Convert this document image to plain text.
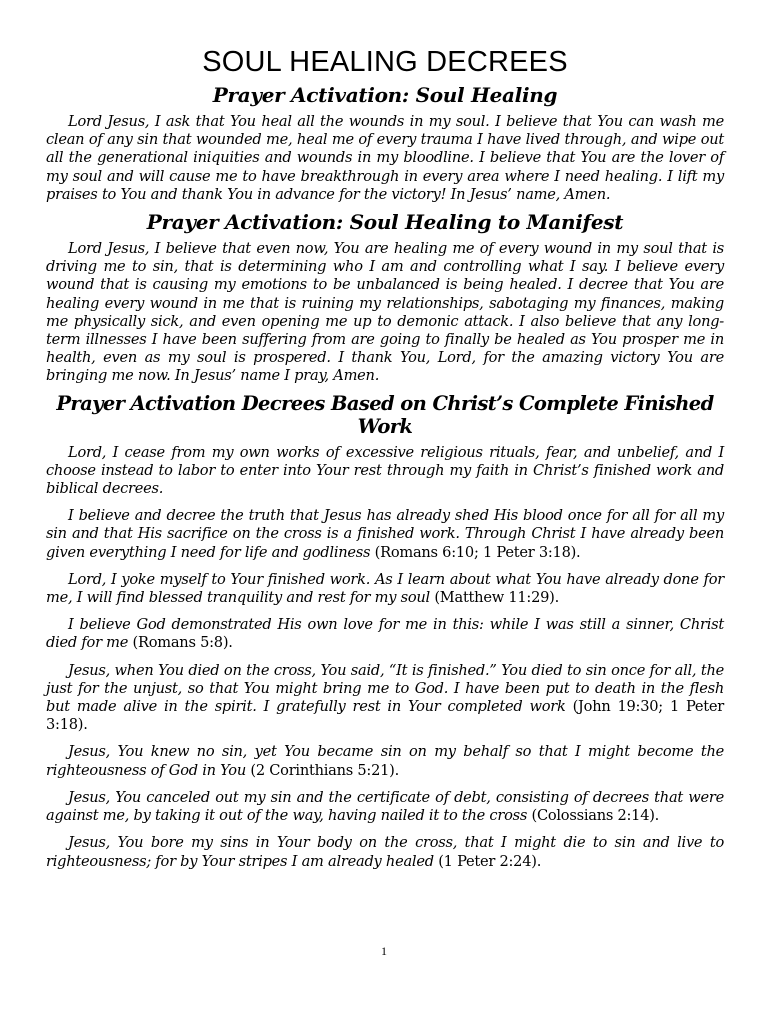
SOUL HEALING DECREES
Prayer Activation: Soul Healing

Lord Jesus, I ask that You heal all the wounds in my soul. I believe that You can wash me clean of any sin that wounded me, heal me of every trauma I have lived through, and wipe out all the generational iniquities and wounds in my bloodline. I believe that You are the lover of my soul and will cause me to have breakthrough in every area where I need healing. I lift my praises to You and thank You in advance for the victory! In Jesus’ name, Amen.

Prayer Activation: Soul Healing to Manifest

Lord Jesus, I believe that even now, You are healing me of every wound in my soul that is driving me to sin, that is determining who I am and controlling what I say. I believe every wound that is causing my emotions to be unbalanced is being healed. I decree that You are healing every wound in me that is ruining my relationships, sabotaging my finances, making me physically sick, and even opening me up to demonic attack. I also believe that any long-term illnesses I have been suffering from are going to finally be healed as You prosper me in health, even as my soul is prospered. I thank You, Lord, for the amazing victory You are bringing me now. In Jesus’ name I pray, Amen.

Prayer Activation Decrees Based on Christ’s Complete Finished Work

Lord, I cease from my own works of excessive religious rituals, fear, and unbelief, and I choose instead to labor to enter into Your rest through my faith in Christ’s finished work and biblical decrees.

I believe and decree the truth that Jesus has already shed His blood once for all for all my sin and that His sacrifice on the cross is a finished work. Through Christ I have already been given everything I need for life and godliness (Romans 6:10; 1 Peter 3:18).

Lord, I yoke myself to Your finished work. As I learn about what You have already done for me, I will find blessed tranquility and rest for my soul (Matthew 11:29).

I believe God demonstrated His own love for me in this: while I was still a sinner, Christ died for me (Romans 5:8).

Jesus, when You died on the cross, You said, “It is finished.” You died to sin once for all, the just for the unjust, so that You might bring me to God. I have been put to death in the flesh but made alive in the spirit. I gratefully rest in Your completed work (John 19:30; 1 Peter 3:18).

Jesus, You knew no sin, yet You became sin on my behalf so that I might become the righteousness of God in You (2 Corinthians 5:21).

Jesus, You canceled out my sin and the certificate of debt, consisting of decrees that were against me, by taking it out of the way, having nailed it to the cross (Colossians 2:14).

Jesus, You bore my sins in Your body on the cross, that I might die to sin and live to righteousness; for by Your stripes I am already healed (1 Peter 2:24).

1
